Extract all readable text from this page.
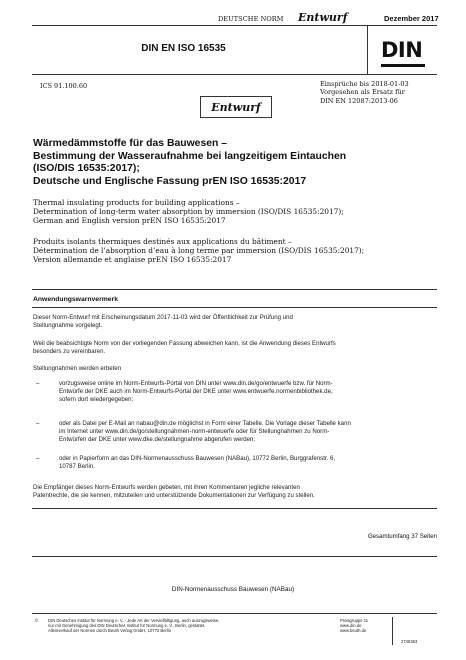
DEUTSCHE NORM Entwurf	Dezember 2017
DIN EN ISO 16535	DIN
ICS 91.100.60	Einsprüche bis 2018-01-03
Vorgesehen als Ersatz für
DIN EN 12087:2013-06
Entwurf
Wärmedämmstoffe für das Bauwesen –
Bestimmung der Wasseraufnahme bei langzeitigem Eintauchen
(ISO/DIS 16535:2017);
Deutsche und Englische Fassung prEN ISO 16535:2017
Thermal insulating products for building applications –
Determination of long-term water absorption by immersion (ISO/DIS 16535:2017);
German and English version prEN ISO 16535:2017
Produits isolants thermiques destinés aux applications du bâtiment –
Détermination de l’absorption d’eau à long terme par immersion (ISO/DIS 16535:2017);
Version allemande et anglaise prEN ISO 16535:2017
Anwendungswarnvermerk
Dieser Norm-Entwurf mit Erscheinungsdatum 2017-11-03 wird der Öffentlichkeit zur Prüfung und
Stellungnahme vorgelegt.
Weil die beabsichtigte Norm von der vorliegenden Fassung abweichen kann, ist die Anwendung dieses Entwurfs
besonders zu vereinbaren.
Stellungnahmen werden erbeten
–	vorzugsweise online im Norm-Entwurfs-Portal von DIN unter www.din.de/go/entwuerfe bzw. für Norm-
Entwürfe der DKE auch im Norm-Entwurfs-Portal der DKE unter www.entwuerfe.normenbibliothek.de,
sofern dort wiedergegeben;
–	oder als Datei per E-Mail an nabau@din.de möglichst in Form einer Tabelle. Die Vorlage dieser Tabelle kann
im Internet unter www.din.de/go/stellungnahmen-norm-entwuerfe oder für Stellungnahmen zu Norm-
Entwürfen der DKE unter www.dke.de/stellungnahme abgerufen werden;
–	oder in Papierform an das DIN-Normenausschuss Bauwesen (NABau), 10772 Berlin, Burggrafenstr. 6,
10787 Berlin.
Die Empfänger dieses Norm-Entwurfs werden gebeten, mit ihren Kommentaren jegliche relevanten
Patentrechte, die sie kennen, mitzuteilen und unterstützende Dokumentationen zur Verfügung zu stellen.
Gesamtumfang 37 Seiten
DIN-Normenausschuss Bauwesen (NABau)
© DIN Deutsches Institut für Normung e. V. · Jede Art der Vervielfältigung, auch auszugsweise,
nur mit Genehmigung des DIN Deutsches Institut für Normung e. V., Berlin, gestattet.
Alleinverkauf der Normen durch Beuth Verlag GmbH, 10772 Berlin
Preisgruppe 11
www.din.de
www.beuth.de
2748363
